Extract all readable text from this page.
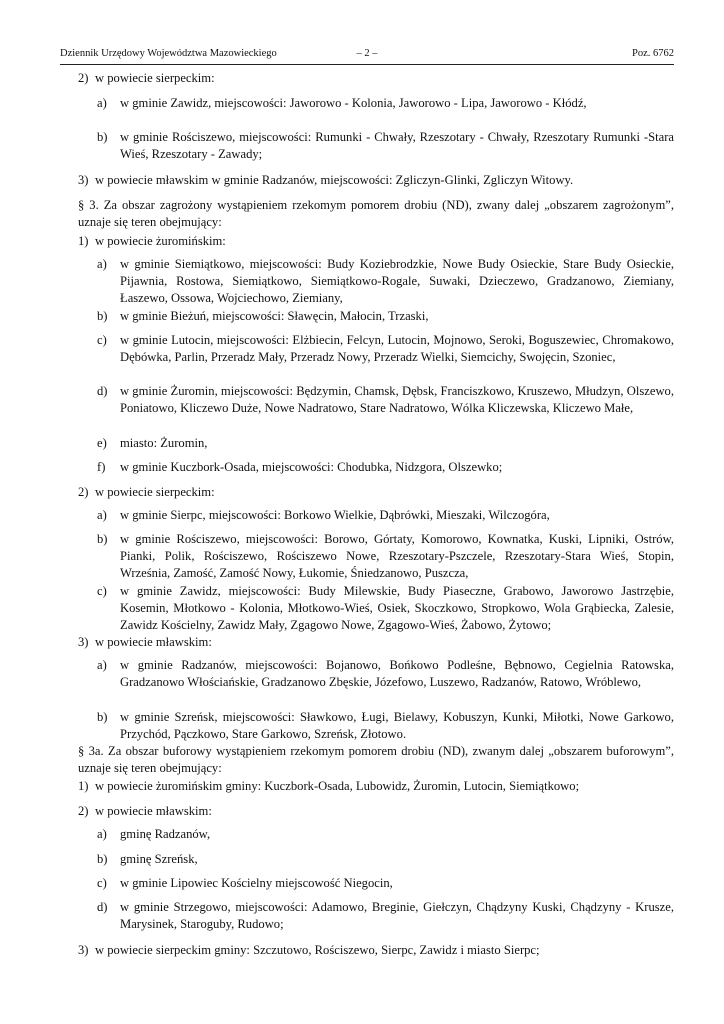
Dziennik Urzędowy Województwa Mazowieckiego	– 2 –	Poz. 6762
2) w powiecie sierpeckim:
a) w gminie Zawidz, miejscowości: Jaworowo - Kolonia, Jaworowo - Lipa, Jaworowo - Kłódź,
b) w gminie Rościszewo, miejscowości: Rumunki - Chwały, Rzeszotary - Chwały, Rzeszotary Rumunki -Stara Wieś, Rzeszotary - Zawady;
3) w powiecie mławskim w gminie Radzanów, miejscowości: Zgliczyn-Glinki, Zgliczyn Witowy.
§ 3. Za obszar zagrożony wystąpieniem rzekomym pomorem drobiu (ND), zwany dalej „obszarem zagrożonym”, uznaje się teren obejmujący:
1) w powiecie żuromińskim:
a) w gminie Siemiątkowo, miejscowości: Budy Koziebrodzkie, Nowe Budy Osieckie, Stare Budy Osieckie, Pijawnia, Rostowa, Siemiątkowo, Siemiątkowo-Rogale, Suwaki, Dzieczewo, Gradzanowo, Ziemiany, Łaszewo, Ossowa, Wojciechowo, Ziemiany,
b) w gminie Bieżuń, miejscowości: Sławęcin, Małocin, Trzaski,
c) w gminie Lutocin, miejscowości: Elżbiecin, Felcyn, Lutocin, Mojnowo, Seroki, Boguszewiec, Chromakowo, Dębówka, Parlin, Przeradz Mały, Przeradz Nowy, Przeradz Wielki, Siemcichy, Swojęcin, Szoniec,
d) w gminie Żuromin, miejscowości: Będzymin, Chamsk, Dębsk, Franciszkowo, Kruszewo, Młudzyn, Olszewo, Poniatowo, Kliczewo Duże, Nowe Nadratowo, Stare Nadratowo, Wólka Kliczewska, Kliczewo Małe,
e) miasto: Żuromin,
f) w gminie Kuczbork-Osada, miejscowości: Chodubka, Nidzgora, Olszewko;
2) w powiecie sierpeckim:
a) w gminie Sierpc, miejscowości: Borkowo Wielkie, Dąbrówki, Mieszaki, Wilczogóra,
b) w gminie Rościszewo, miejscowości: Borowo, Górtaty, Komorowo, Kownatka, Kuski, Lipniki, Ostrów, Pianki, Polik, Rościszewo, Rościszewo Nowe, Rzeszotary-Pszczele, Rzeszotary-Stara Wieś, Stopin, Września, Zamość, Zamość Nowy, Łukomie, Śniedzanowo, Puszcza,
c) w gminie Zawidz, miejscowości: Budy Milewskie, Budy Piaseczne, Grabowo, Jaworowo Jastrzębie, Kosemin, Młotkowo - Kolonia, Młotkowo-Wieś, Osiek, Skoczkowo, Stropkowo, Wola Grąbiecka, Zalesie, Zawidz Kościelny, Zawidz Mały, Zgagowo Nowe, Zgagowo-Wieś, Żabowo, Żytowo;
3) w powiecie mławskim:
a) w gminie Radzanów, miejscowości: Bojanowo, Bońkowo Podleśne, Bębnowo, Cegielnia Ratowska, Gradzanowo Włościańskie, Gradzanowo Zbęskie, Józefowo, Luszewo, Radzanów, Ratowo, Wróblewo,
b) w gminie Szreńsk, miejscowości: Sławkowo, Ługi, Bielawy, Kobuszyn, Kunki, Miłotki, Nowe Garkowo, Przychód, Pączkowo, Stare Garkowo, Szreńsk, Złotowo.
§ 3a. Za obszar buforowy wystąpieniem rzekomym pomorem drobiu (ND), zwanym dalej „obszarem buforowym”, uznaje się teren obejmujący:
1) w powiecie żuromińskim gminy: Kuczbork-Osada, Lubowidz, Żuromin, Lutocin, Siemiątkowo;
2) w powiecie mławskim:
a) gminę Radzanów,
b) gminę Szreńsk,
c) w gminie Lipowiec Kościelny miejscowość Niegocin,
d) w gminie Strzegowo, miejscowości: Adamowo, Breginie, Giełczyn, Chądzyny Kuski, Chądzyny - Krusze, Marysinek, Staroguby, Rudowo;
3) w powiecie sierpeckim gminy: Szczutowo, Rościszewo, Sierpc, Zawidz i miasto Sierpc;
